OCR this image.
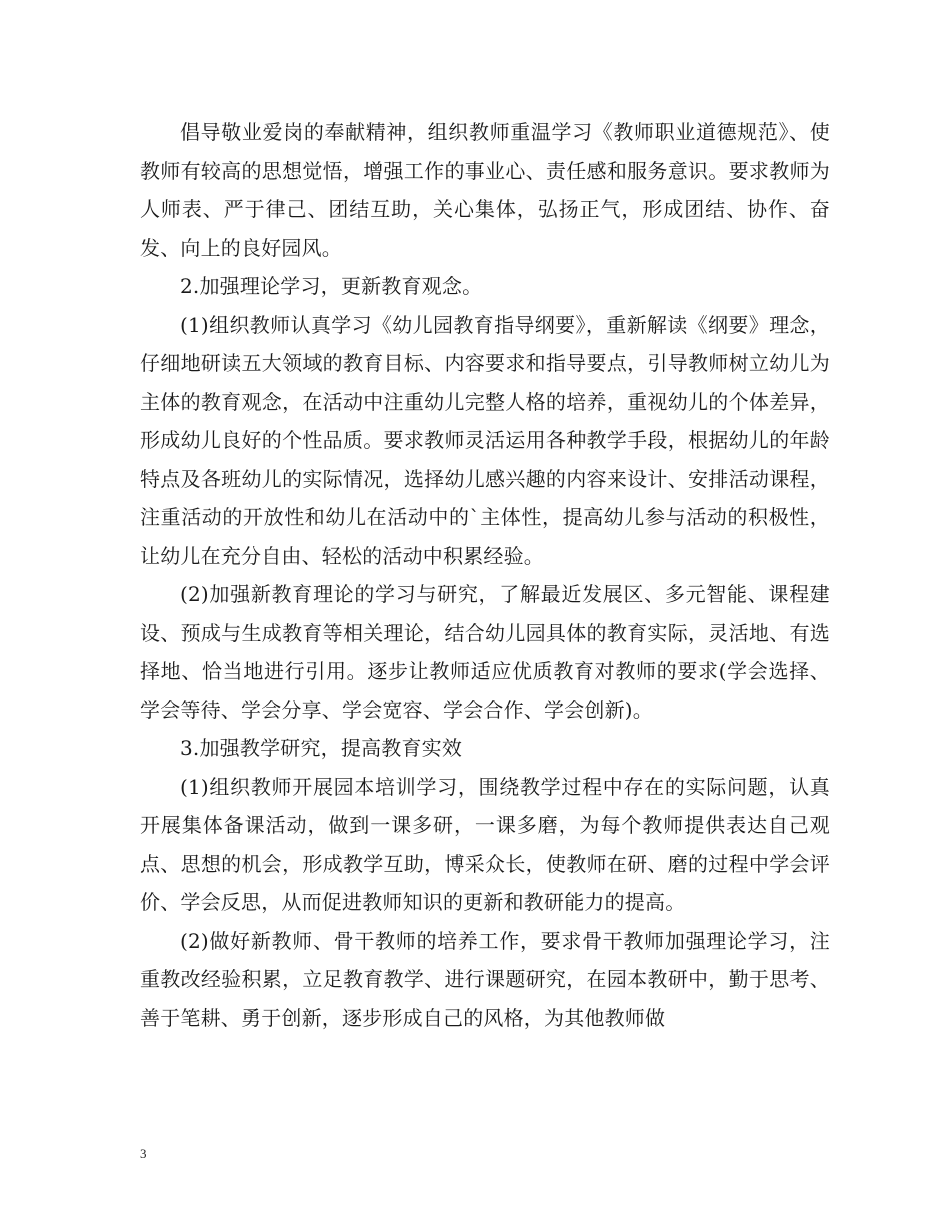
倡导敬业爱岗的奉献精神，组织教师重温学习《教师职业道德规范》、使教师有较高的思想觉悟，增强工作的事业心、责任感和服务意识。要求教师为人师表、严于律己、团结互助，关心集体，弘扬正气，形成团结、协作、奋发、向上的良好园风。

2.加强理论学习，更新教育观念。

(1)组织教师认真学习《幼儿园教育指导纲要》，重新解读《纲要》理念，仔细地研读五大领域的教育目标、内容要求和指导要点，引导教师树立幼儿为主体的教育观念，在活动中注重幼儿完整人格的培养，重视幼儿的个体差异，形成幼儿良好的个性品质。要求教师灵活运用各种教学手段，根据幼儿的年龄特点及各班幼儿的实际情况，选择幼儿感兴趣的内容来设计、安排活动课程，注重活动的开放性和幼儿在活动中的`主体性，提高幼儿参与活动的积极性，让幼儿在充分自由、轻松的活动中积累经验。

(2)加强新教育理论的学习与研究，了解最近发展区、多元智能、课程建设、预成与生成教育等相关理论，结合幼儿园具体的教育实际，灵活地、有选择地、恰当地进行引用。逐步让教师适应优质教育对教师的要求(学会选择、学会等待、学会分享、学会宽容、学会合作、学会创新)。

3.加强教学研究，提高教育实效

(1)组织教师开展园本培训学习，围绕教学过程中存在的实际问题，认真开展集体备课活动，做到一课多研，一课多磨，为每个教师提供表达自己观点、思想的机会，形成教学互助，博采众长，使教师在研、磨的过程中学会评价、学会反思，从而促进教师知识的更新和教研能力的提高。

(2)做好新教师、骨干教师的培养工作，要求骨干教师加强理论学习，注重教改经验积累，立足教育教学、进行课题研究，在园本教研中，勤于思考、善于笔耕、勇于创新，逐步形成自己的风格，为其他教师做

3
